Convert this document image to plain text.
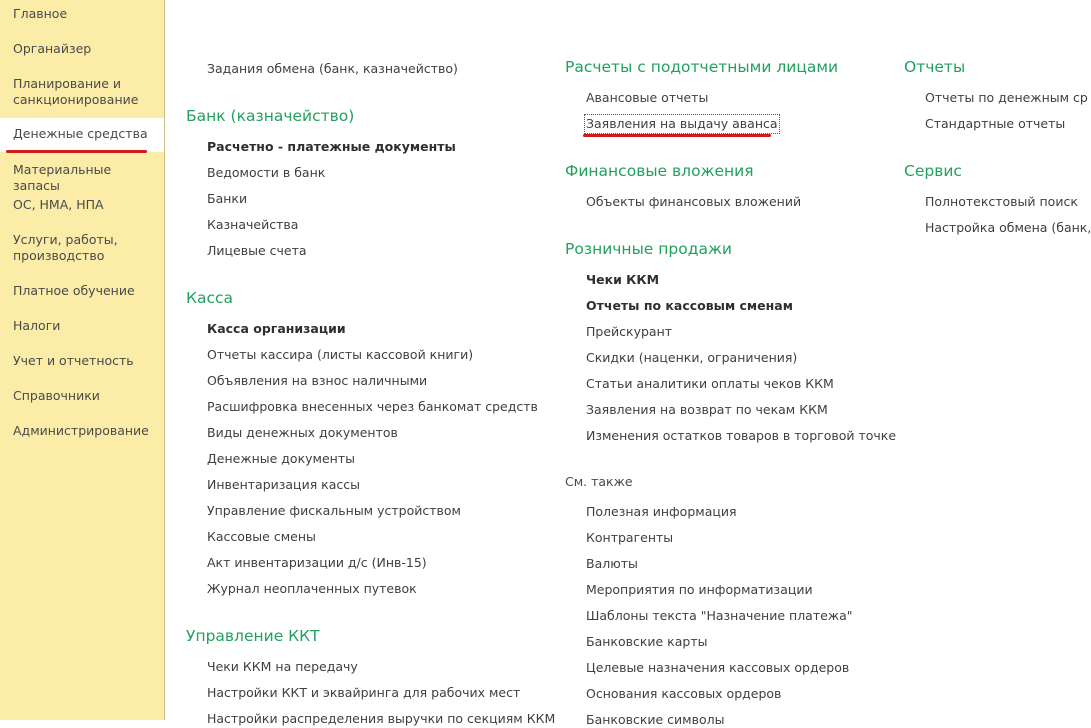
Главное
Органайзер
Планирование и санкционирование
Денежные средства
Материальные запасы
ОС, НМА, НПА
Услуги, работы, производство
Платное обучение
Налоги
Учет и отчетность
Справочники
Администрирование
Задания обмена (банк, казначейство)
Банк (казначейство)
Расчетно - платежные документы
Ведомости в банк
Банки
Казначейства
Лицевые счета
Касса
Касса организации
Отчеты кассира (листы кассовой книги)
Объявления на взнос наличными
Расшифровка внесенных через банкомат средств
Виды денежных документов
Денежные документы
Инвентаризация кассы
Управление фискальным устройством
Кассовые смены
Акт инвентаризации д/с (Инв-15)
Журнал неоплаченных путевок
Управление ККТ
Чеки ККМ на передачу
Настройки ККТ и эквайринга для рабочих мест
Настройки распределения выручки по секциям ККМ
Расчеты с подотчетными лицами
Авансовые отчеты
Заявления на выдачу аванса
Финансовые вложения
Объекты финансовых вложений
Розничные продажи
Чеки ККМ
Отчеты по кассовым сменам
Прейскурант
Скидки (наценки, ограничения)
Статьи аналитики оплаты чеков ККМ
Заявления на возврат по чекам ККМ
Изменения остатков товаров в торговой точке
См. также
Полезная информация
Контрагенты
Валюты
Мероприятия по информатизации
Шаблоны текста "Назначение платежа"
Банковские карты
Целевые назначения кассовых ордеров
Основания кассовых ордеров
Банковские символы
Отчеты
Отчеты по денежным ср
Стандартные отчеты
Сервис
Полнотекстовый поиск
Настройка обмена (банк,
